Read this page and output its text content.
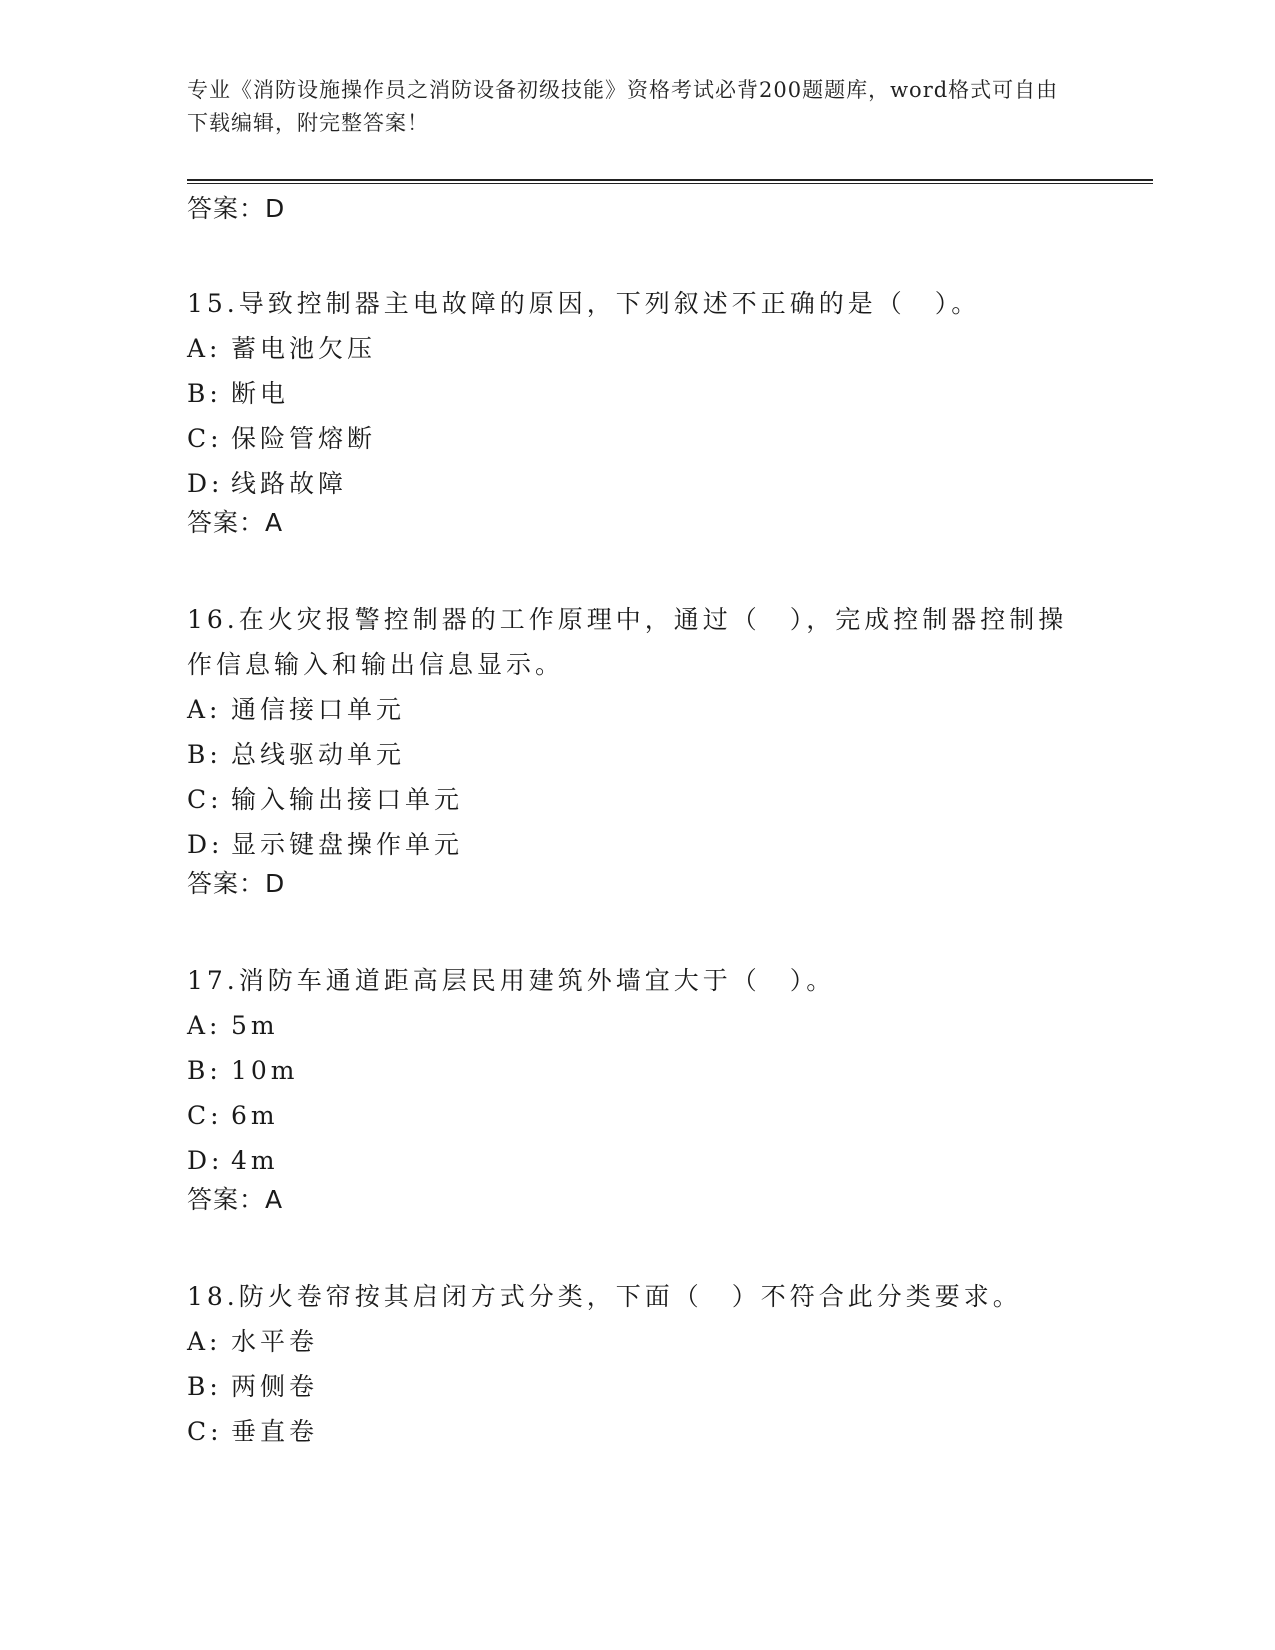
专业《消防设施操作员之消防设备初级技能》资格考试必背200题题库，word格式可自由下载编辑，附完整答案！
答案：D
15.导致控制器主电故障的原因，下列叙述不正确的是（　）。
A: 蓄电池欠压
B: 断电
C: 保险管熔断
D: 线路故障
答案：A
16.在火灾报警控制器的工作原理中，通过（　），完成控制器控制操作信息输入和输出信息显示。
A: 通信接口单元
B: 总线驱动单元
C: 输入输出接口单元
D: 显示键盘操作单元
答案：D
17.消防车通道距高层民用建筑外墙宜大于（　）。
A: 5m
B: 10m
C: 6m
D: 4m
答案：A
18.防火卷帘按其启闭方式分类，下面（　）不符合此分类要求。
A: 水平卷
B: 两侧卷
C: 垂直卷
